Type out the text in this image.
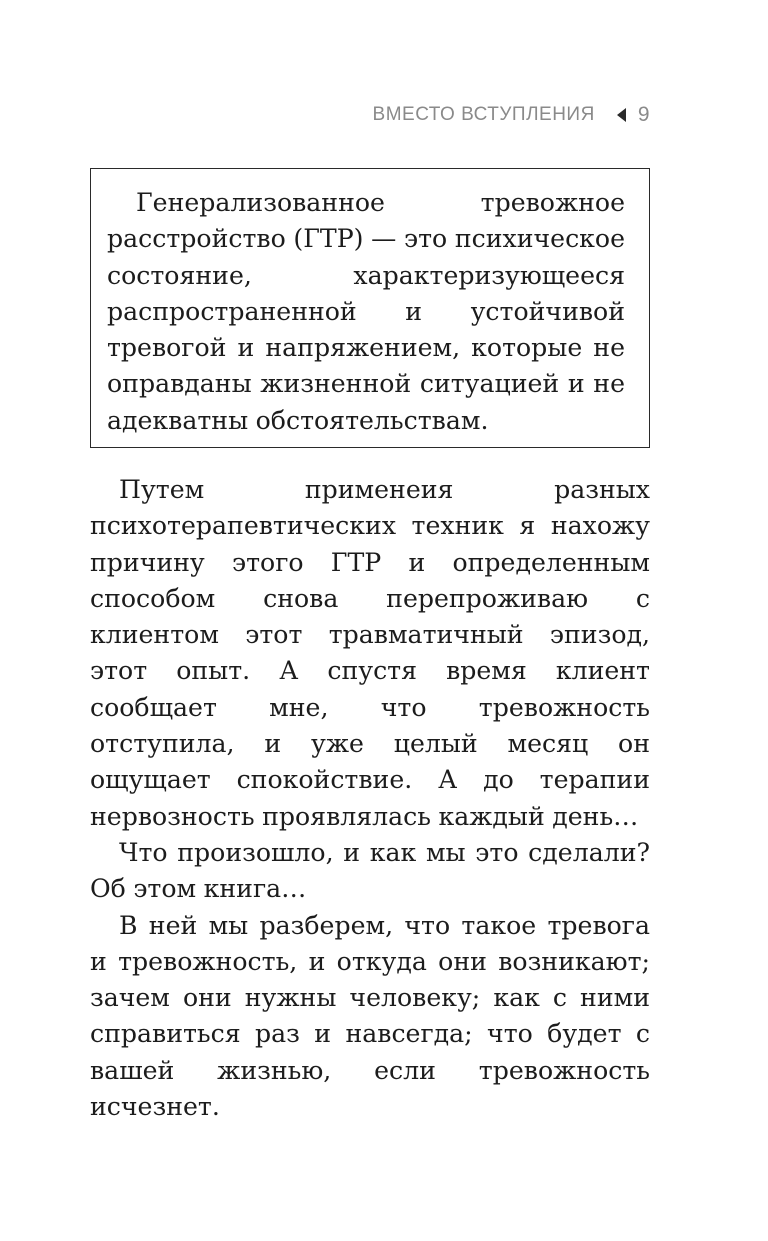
ВМЕСТО ВСТУПЛЕНИЯ 9

Генерализованное тревожное расстройство (ГТР) — это психическое состояние, характеризующееся распространенной и устойчивой тревогой и напряжением, которые не оправданы жизненной ситуацией и не адекватны обстоятельствам.

Путем применеия разных психотерапевтических техник я нахожу причину этого ГТР и определенным способом снова перепроживаю с клиентом этот травматичный эпизод, этот опыт. А спустя время клиент сообщает мне, что тревожность отступила, и уже целый месяц он ощущает спокойствие. А до терапии нервозность проявлялась каждый день…

Что произошло, и как мы это сделали? Об этом книга…

В ней мы разберем, что такое тревога и тревожность, и откуда они возникают; зачем они нужны человеку; как с ними справиться раз и навсегда; что будет с вашей жизнью, если тревожность исчезнет.
